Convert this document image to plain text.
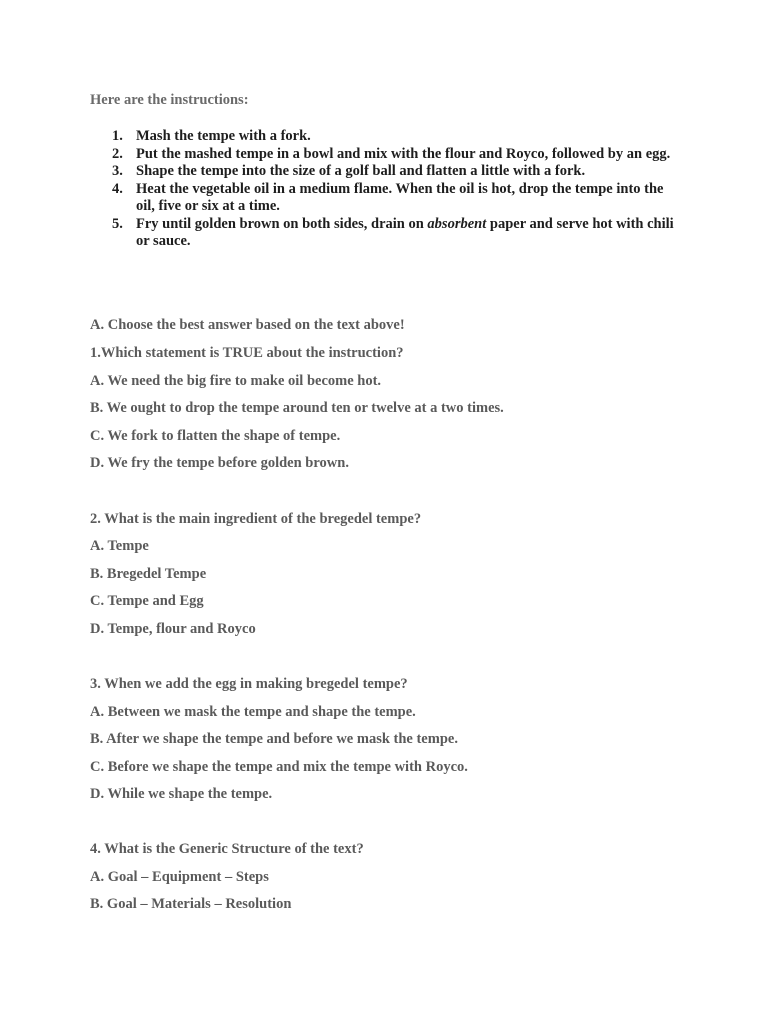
Here are the instructions:
1. Mash the tempe with a fork.
2. Put the mashed tempe in a bowl and mix with the flour and Royco, followed by an egg.
3. Shape the tempe into the size of a golf ball and flatten a little with a fork.
4. Heat the vegetable oil in a medium flame. When the oil is hot, drop the tempe into the oil, five or six at a time.
5. Fry until golden brown on both sides, drain on absorbent paper and serve hot with chili or sauce.
A. Choose the best answer based on the text above!
1.Which statement is TRUE about the instruction?
A. We need the big fire to make oil become hot.
B. We ought to drop the tempe around ten or twelve at a two times.
C. We fork to flatten the shape of tempe.
D. We fry the tempe before golden brown.
2. What is the main ingredient of the bregedel tempe?
A. Tempe
B. Bregedel Tempe
C. Tempe and Egg
D. Tempe, flour and Royco
3. When we add the egg in making bregedel tempe?
A. Between we mask the tempe and shape the tempe.
B. After we shape the tempe and before we mask the tempe.
C. Before we shape the tempe and mix the tempe with Royco.
D. While we shape the tempe.
4. What is the Generic Structure of the text?
A. Goal – Equipment – Steps
B. Goal – Materials – Resolution
